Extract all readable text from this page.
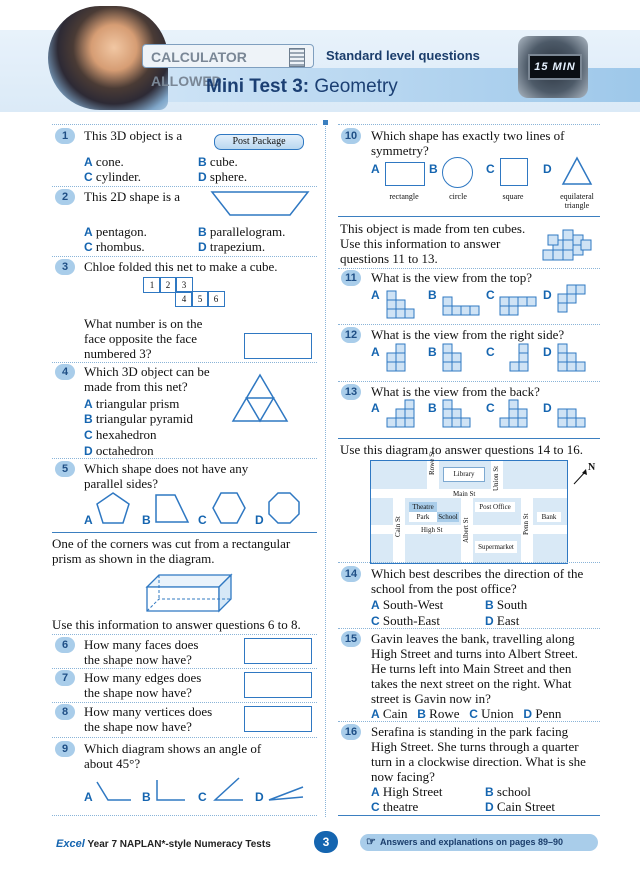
CALCULATOR ALLOWED
Standard level questions
Mini Test 3: Geometry
15 MIN
1	This 3D object is a	Post Package
A cone.	B cube.
C cylinder.	D sphere.
2	This 2D shape is a
A pentagon.	B parallelogram.
C rhombus.	D trapezium.
3	Chloe folded this net to make a cube.
1	2	3
4	5	6
What number is on the
face opposite the face
numbered 3?
4	Which 3D object can be
made from this net?
A triangular prism
B triangular pyramid
C hexahedron
D octahedron
5	Which shape does not have any
parallel sides?
A	B	C	D
One of the corners was cut from a rectangular
prism as shown in the diagram.
Use this information to answer questions 6 to 8.
6	How many faces does
the shape now have?
7	How many edges does
the shape now have?
8	How many vertices does
the shape now have?
9	Which diagram shows an angle of
about 45°?
A	B	C	D
10 Which shape has exactly two lines of
symmetry?
A
rectangle
B
circle
C
square
D
equilateral
triangle
This object is made from ten cubes.
Use this information to answer
questions 11 to 13.
11	What is the view from the top?
A	B	C	D
12 What is the view from the right side?
A	B	C	D
13 What is the view from the back?
A	B	C	D
Use this diagram to answer questions 14 to 16.
Library
Main St
Rowe St
Union St
Theatre
Park	School
Post Office
Bank
High St
Cain St	Albert St	Penn St
Supermarket
N
14 Which best describes the direction of the
school from the post office?
A South-West	B South
C South-East	D East
15 Gavin leaves the bank, travelling along
High Street and turns into Albert Street.
He turns left into Main Street and then
takes the next street on the right. What
street is Gavin now in?
A Cain B Rowe C Union D Penn
16 Serafina is standing in the park facing
High Street. She turns through a quarter
turn in a clockwise direction. What is she
now facing?
A High Street	B school
C theatre	D Cain Street
Excel Year 7 NAPLAN*-style Numeracy Tests	3	☞ Answers and explanations on pages 89–90
